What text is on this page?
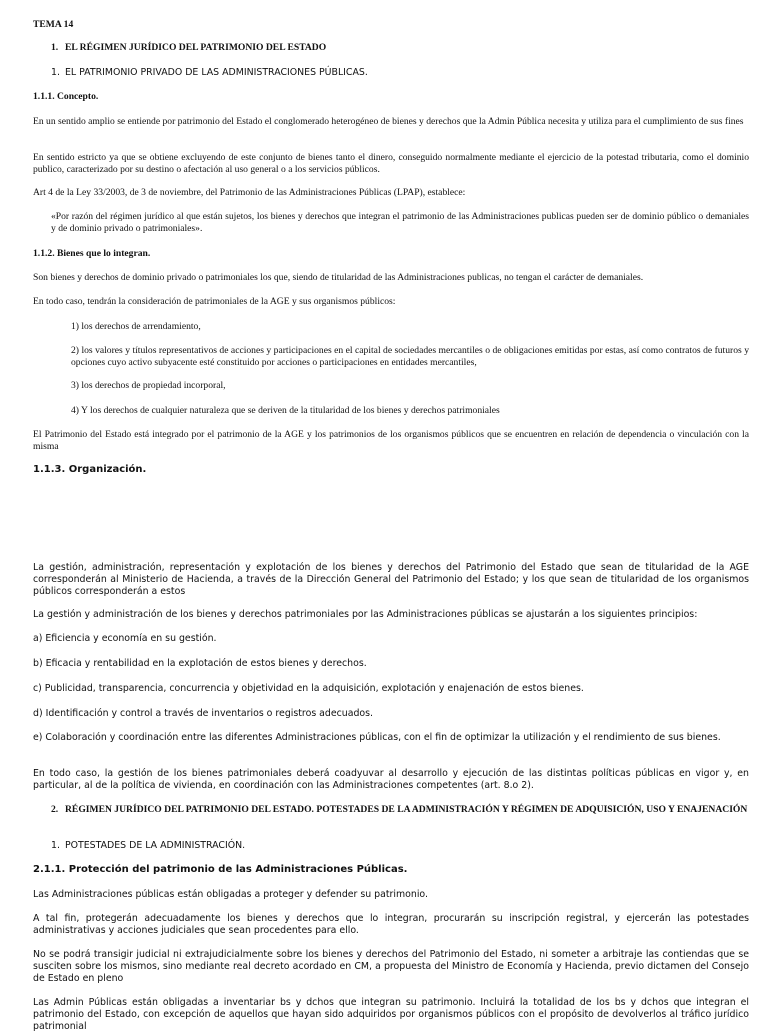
TEMA 14

1. EL RÉGIMEN JURÍDICO DEL PATRIMONIO DEL ESTADO

1. EL PATRIMONIO PRIVADO DE LAS ADMINISTRACIONES PÚBLICAS.

1.1.1. Concepto.

En un sentido amplio se entiende por patrimonio del Estado el conglomerado heterogéneo de bienes y derechos que la Admin Pública necesita y utiliza para el cumplimiento de sus fines

En sentido estricto ya que se obtiene excluyendo de este conjunto de bienes tanto el dinero, conseguido normalmente mediante el ejercicio de la potestad tributaria, como el dominio publico, caracterizado por su destino o afectación al uso general o a los servicios públicos.

Art 4 de la Ley 33/2003, de 3 de noviembre, del Patrimonio de las Administraciones Públicas (LPAP), establece:

«Por razón del régimen jurídico al que están sujetos, los bienes y derechos que integran el patrimonio de las Administraciones publicas pueden ser de dominio público o demaniales y de dominio privado o patrimoniales».

1.1.2. Bienes que lo integran.

Son bienes y derechos de dominio privado o patrimoniales los que, siendo de titularidad de las Administraciones publicas, no tengan el carácter de demaniales.

En todo caso, tendrán la consideración de patrimoniales de la AGE y sus organismos públicos:

1) los derechos de arrendamiento,

2) los valores y títulos representativos de acciones y participaciones en el capital de sociedades mercantiles o de obligaciones emitidas por estas, así como contratos de futuros y opciones cuyo activo subyacente esté constituido por acciones o participaciones en entidades mercantiles,

3) los derechos de propiedad incorporal,

4) Y los derechos de cualquier naturaleza que se deriven de la titularidad de los bienes y derechos patrimoniales

El Patrimonio del Estado está integrado por el patrimonio de la AGE y los patrimonios de los organismos públicos que se encuentren en relación de dependencia o vinculación con la misma

1.1.3. Organización.

La gestión, administración, representación y explotación de los bienes y derechos del Patrimonio del Estado que sean de titularidad de la AGE corresponderán al Ministerio de Hacienda, a través de la Dirección General del Patrimonio del Estado; y los que sean de titularidad de los organismos públicos corresponderán a estos

La gestión y administración de los bienes y derechos patrimoniales por las Administraciones públicas se ajustarán a los siguientes principios:

a) Eficiencia y economía en su gestión.

b) Eficacia y rentabilidad en la explotación de estos bienes y derechos.

c) Publicidad, transparencia, concurrencia y objetividad en la adquisición, explotación y enajenación de estos bienes.

d) Identificación y control a través de inventarios o registros adecuados.

e) Colaboración y coordinación entre las diferentes Administraciones públicas, con el fin de optimizar la utilización y el rendimiento de sus bienes.

En todo caso, la gestión de los bienes patrimoniales deberá coadyuvar al desarrollo y ejecución de las distintas políticas públicas en vigor y, en particular, al de la política de vivienda, en coordinación con las Administraciones competentes (art. 8.o 2).

2. RÉGIMEN JURÍDICO DEL PATRIMONIO DEL ESTADO. POTESTADES DE LA ADMINISTRACIÓN Y RÉGIMEN DE ADQUISICIÓN, USO Y ENAJENACIÓN

1. POTESTADES DE LA ADMINISTRACIÓN.

2.1.1. Protección del patrimonio de las Administraciones Públicas.

Las Administraciones públicas están obligadas a proteger y defender su patrimonio.

A tal fin, protegerán adecuadamente los bienes y derechos que lo integran, procurarán su inscripción registral, y ejercerán las potestades administrativas y acciones judiciales que sean procedentes para ello.

No se podrá transigir judicial ni extrajudicialmente sobre los bienes y derechos del Patrimonio del Estado, ni someter a arbitraje las contiendas que se susciten sobre los mismos, sino mediante real decreto acordado en CM, a propuesta del Ministro de Economía y Hacienda, previo dictamen del Consejo de Estado en pleno

Las Admin Públicas están obligadas a inventariar bs y dchos que integran su patrimonio. Incluirá la totalidad de los bs y dchos que integran el patrimonio del Estado, con excepción de aquellos que hayan sido adquiridos por organismos públicos con el propósito de devolverlos al tráfico jurídico patrimonial
